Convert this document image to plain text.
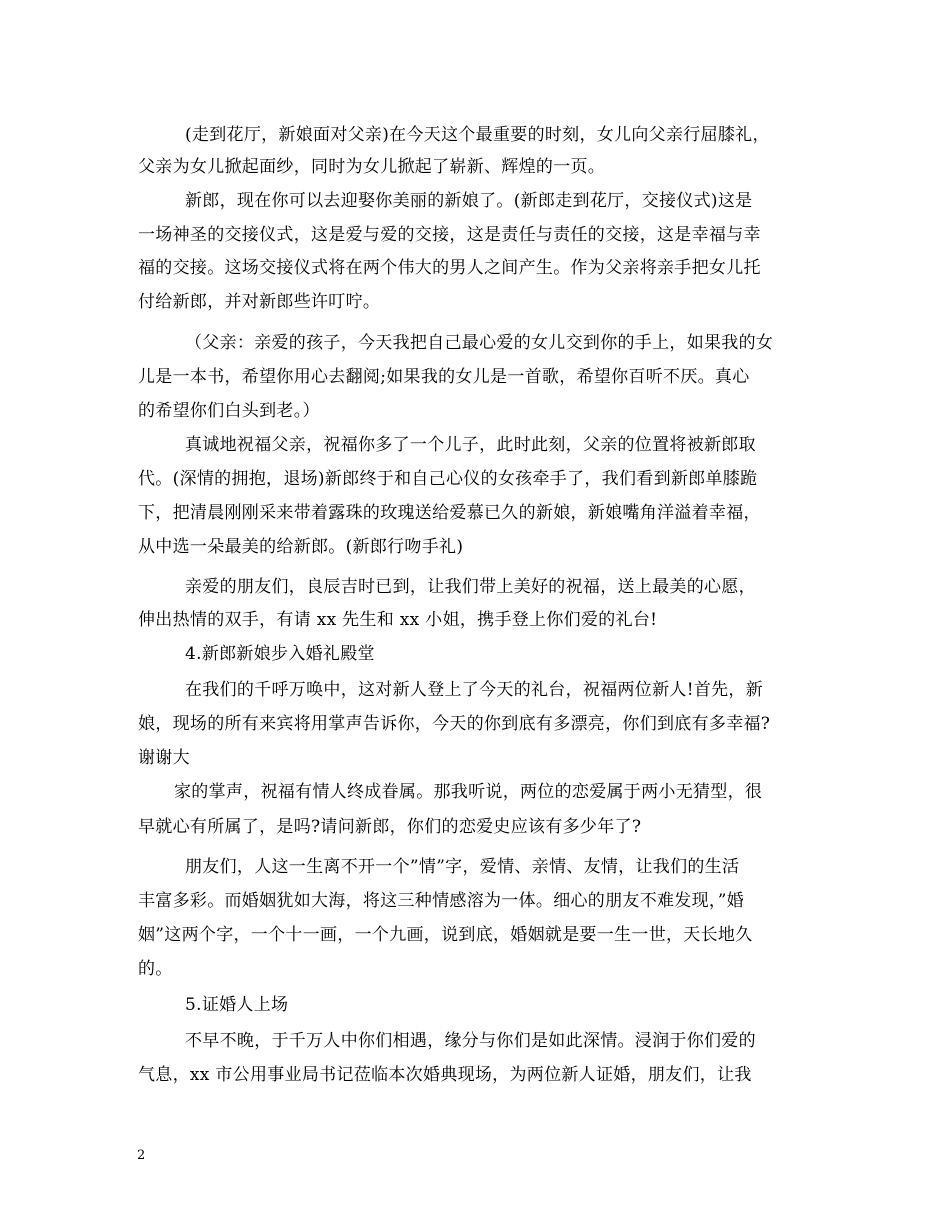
(走到花厅，新娘面对父亲)在今天这个最重要的时刻，女儿向父亲行屈膝礼，
父亲为女儿掀起面纱，同时为女儿掀起了崭新、辉煌的一页。
新郎，现在你可以去迎娶你美丽的新娘了。(新郎走到花厅，交接仪式)这是
一场神圣的交接仪式，这是爱与爱的交接，这是责任与责任的交接，这是幸福与幸
福的交接。这场交接仪式将在两个伟大的男人之间产生。作为父亲将亲手把女儿托
付给新郎，并对新郎些许叮咛。
（父亲：亲爱的孩子，今天我把自己最心爱的女儿交到你的手上，如果我的女
儿是一本书，希望你用心去翻阅;如果我的女儿是一首歌，希望你百听不厌。真心
的希望你们白头到老。）
真诚地祝福父亲，祝福你多了一个儿子，此时此刻，父亲的位置将被新郎取
代。(深情的拥抱，退场)新郎终于和自己心仪的女孩牵手了，我们看到新郎单膝跪
下，把清晨刚刚采来带着露珠的玫瑰送给爱慕已久的新娘，新娘嘴角洋溢着幸福，
从中选一朵最美的给新郎。(新郎行吻手礼)
亲爱的朋友们，良辰吉时已到，让我们带上美好的祝福，送上最美的心愿，
伸出热情的双手，有请 xx 先生和 xx 小姐，携手登上你们爱的礼台!
4.新郎新娘步入婚礼殿堂
在我们的千呼万唤中，这对新人登上了今天的礼台，祝福两位新人!首先，新
娘，现场的所有来宾将用掌声告诉你，今天的你到底有多漂亮，你们到底有多幸福?
谢谢大
家的掌声，祝福有情人终成眷属。那我听说，两位的恋爱属于两小无猜型，很
早就心有所属了，是吗?请问新郎，你们的恋爱史应该有多少年了?
朋友们，人这一生离不开一个”情”字，爱情、亲情、友情，让我们的生活
丰富多彩。而婚姻犹如大海，将这三种情感溶为一体。细心的朋友不难发现，”婚
姻”这两个字，一个十一画，一个九画，说到底，婚姻就是要一生一世，天长地久
的。
5.证婚人上场
不早不晚，于千万人中你们相遇，缘分与你们是如此深情。浸润于你们爱的
气息，xx 市公用事业局书记莅临本次婚典现场，为两位新人证婚，朋友们，让我
2
